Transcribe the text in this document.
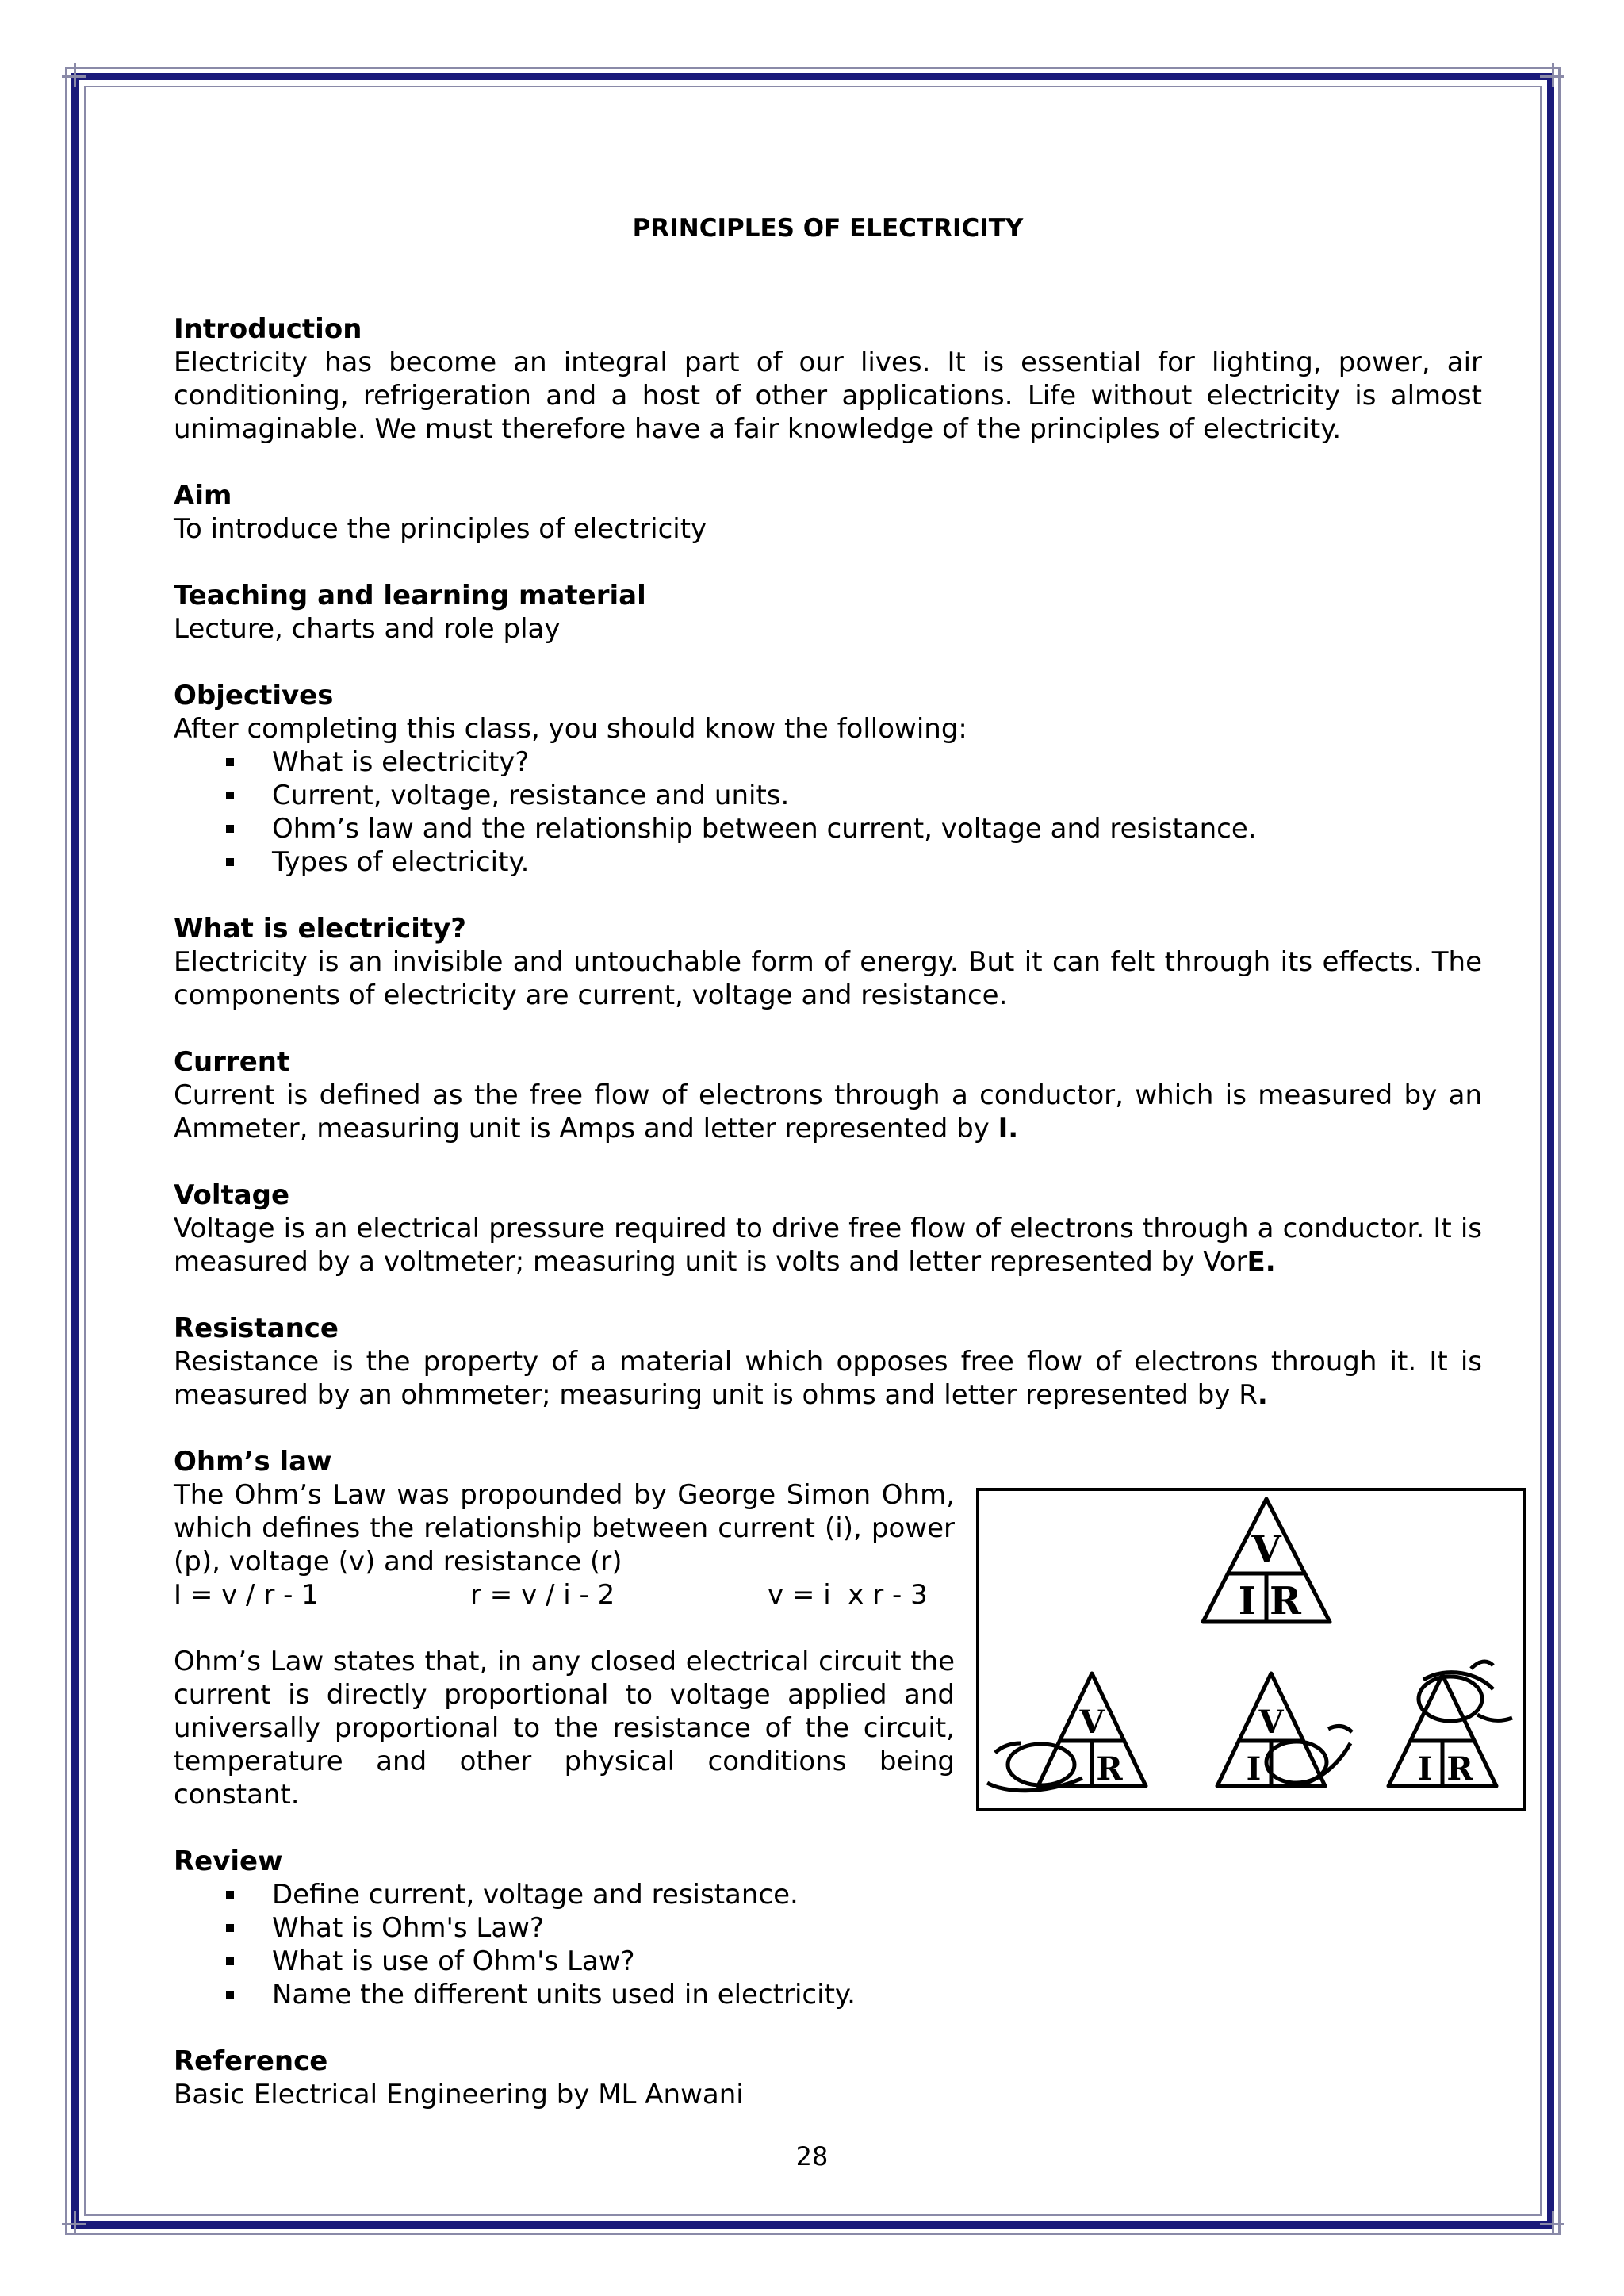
PRINCIPLES OF ELECTRICITY
Introduction
Electricity has become an integral part of our lives. It is essential for lighting, power, air conditioning, refrigeration and a host of other applications. Life without electricity is almost unimaginable. We must therefore have a fair knowledge of the principles of electricity.
Aim
To introduce the principles of electricity
Teaching and learning material
Lecture, charts and role play
Objectives
After completing this class, you should know the following:
What is electricity?
Current, voltage, resistance and units.
Ohm’s law and the relationship between current, voltage and resistance.
Types of electricity.
What is electricity?
Electricity is an invisible and untouchable form of energy. But it can felt through its effects. The components of electricity are current, voltage and resistance.
Current
Current is defined as the free flow of electrons through a conductor, which is measured by an Ammeter, measuring unit is Amps and letter represented by I.
Voltage
Voltage is an electrical pressure required to drive free flow of electrons through a conductor. It is measured by a voltmeter; measuring unit is volts and letter represented by VorE.
Resistance
Resistance is the property of a material which opposes free flow of electrons through it. It is measured by an ohmmeter; measuring unit is ohms and letter represented by R.
Ohm’s law
The Ohm’s Law was propounded by George Simon Ohm, which defines the relationship between current (i), power (p), voltage (v) and resistance (r)
I = v / r - 1	r = v / i - 2	v = i  x r - 3
Ohm’s Law states that, in any closed electrical circuit the current is directly proportional to voltage applied and universally proportional to the resistance of the circuit, temperature and other physical conditions being constant.
Review
Define current, voltage and resistance.
What is Ohm's Law?
What is use of Ohm's Law?
Name the different units used in electricity.
Reference
Basic Electrical Engineering by ML Anwani
V
I R
V
R
V
I	I R
28
